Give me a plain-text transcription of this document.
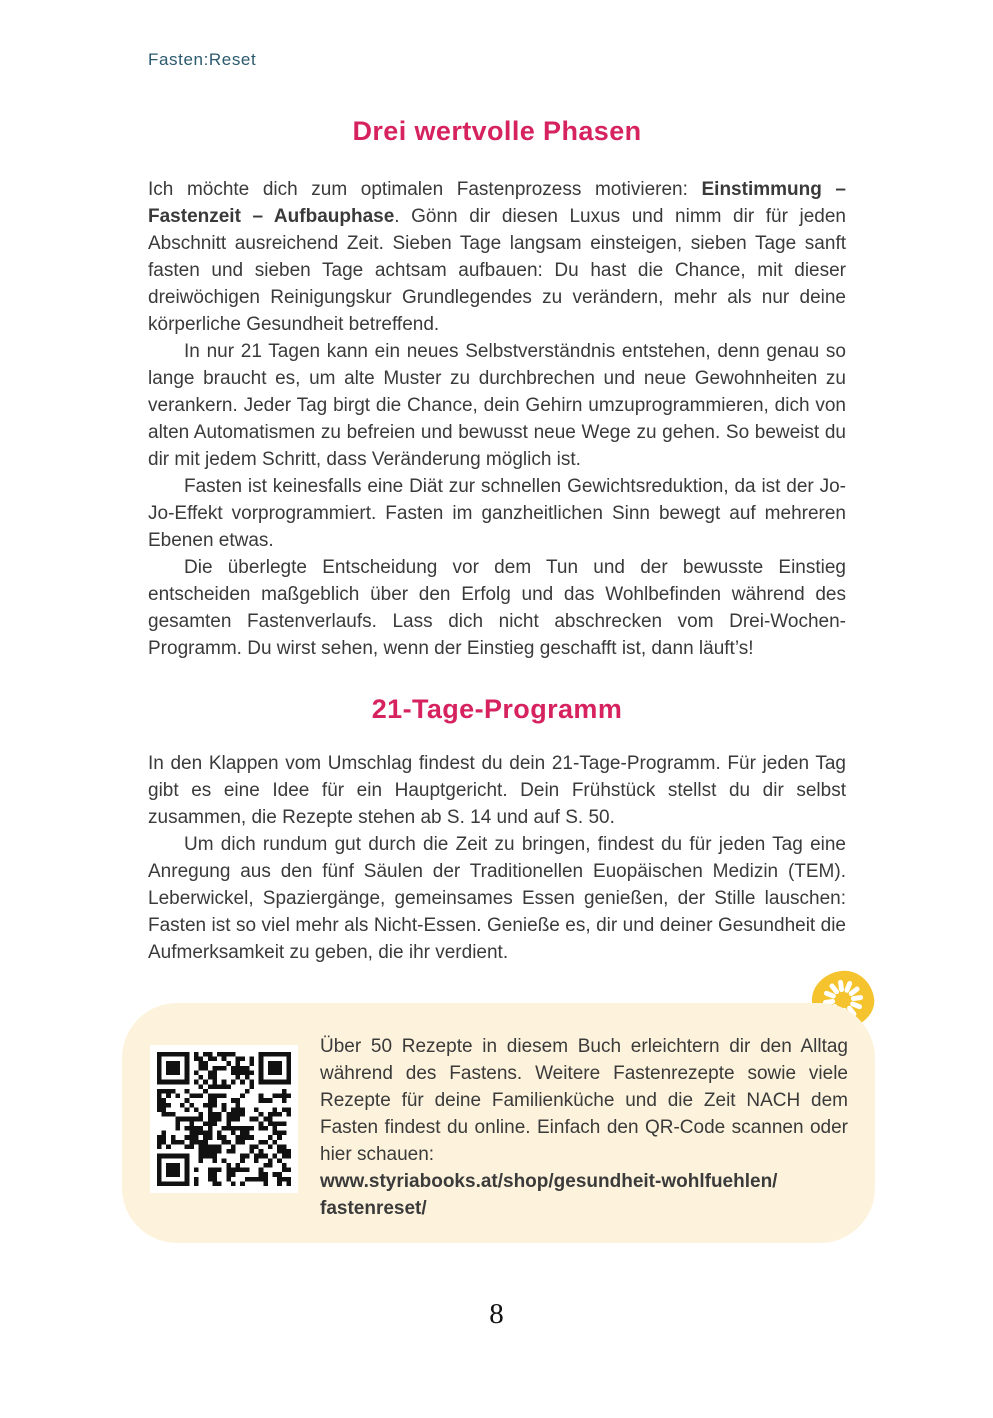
Fasten:Reset
Drei wertvolle Phasen

Ich möchte dich zum optimalen Fastenprozess motivieren: Einstimmung – Fastenzeit – Aufbauphase. Gönn dir diesen Luxus und nimm dir für jeden Abschnitt ausreichend Zeit. Sieben Tage langsam einsteigen, sieben Tage sanft fasten und sieben Tage achtsam aufbauen: Du hast die Chance, mit dieser dreiwöchigen Reinigungskur Grundlegendes zu verändern, mehr als nur deine körperliche Gesundheit betreffend.

In nur 21 Tagen kann ein neues Selbstverständnis entstehen, denn genau so lange braucht es, um alte Muster zu durchbrechen und neue Gewohnheiten zu verankern. Jeder Tag birgt die Chance, dein Gehirn umzuprogrammieren, dich von alten Automatismen zu befreien und bewusst neue Wege zu gehen. So beweist du dir mit jedem Schritt, dass Veränderung möglich ist.

Fasten ist keinesfalls eine Diät zur schnellen Gewichtsreduktion, da ist der Jo-Jo-Effekt vorprogrammiert. Fasten im ganzheitlichen Sinn bewegt auf mehreren Ebenen etwas.

Die überlegte Entscheidung vor dem Tun und der bewusste Einstieg entscheiden maßgeblich über den Erfolg und das Wohlbefinden während des gesamten Fastenverlaufs. Lass dich nicht abschrecken vom Drei-Wochen-Programm. Du wirst sehen, wenn der Einstieg geschafft ist, dann läuft’s!

21-Tage-Programm

In den Klappen vom Umschlag findest du dein 21-Tage-Programm. Für jeden Tag gibt es eine Idee für ein Hauptgericht. Dein Frühstück stellst du dir selbst zusammen, die Rezepte stehen ab S. 14 und auf S. 50.

Um dich rundum gut durch die Zeit zu bringen, findest du für jeden Tag eine Anregung aus den fünf Säulen der Traditionellen Euopäischen Medizin (TEM). Leberwickel, Spaziergänge, gemeinsames Essen genießen, der Stille lauschen: Fasten ist so viel mehr als Nicht-Essen. Genieße es, dir und deiner Gesundheit die Aufmerksamkeit zu geben, die ihr verdient.

Über 50 Rezepte in diesem Buch erleichtern dir den Alltag während des Fastens. Weitere Fastenrezepte sowie viele Rezepte für deine Familienküche und die Zeit NACH dem Fasten findest du online. Einfach den QR-Code scannen oder hier schauen:
www.styriabooks.at/shop/gesundheit-wohlfuehlen/
fastenreset/
8
